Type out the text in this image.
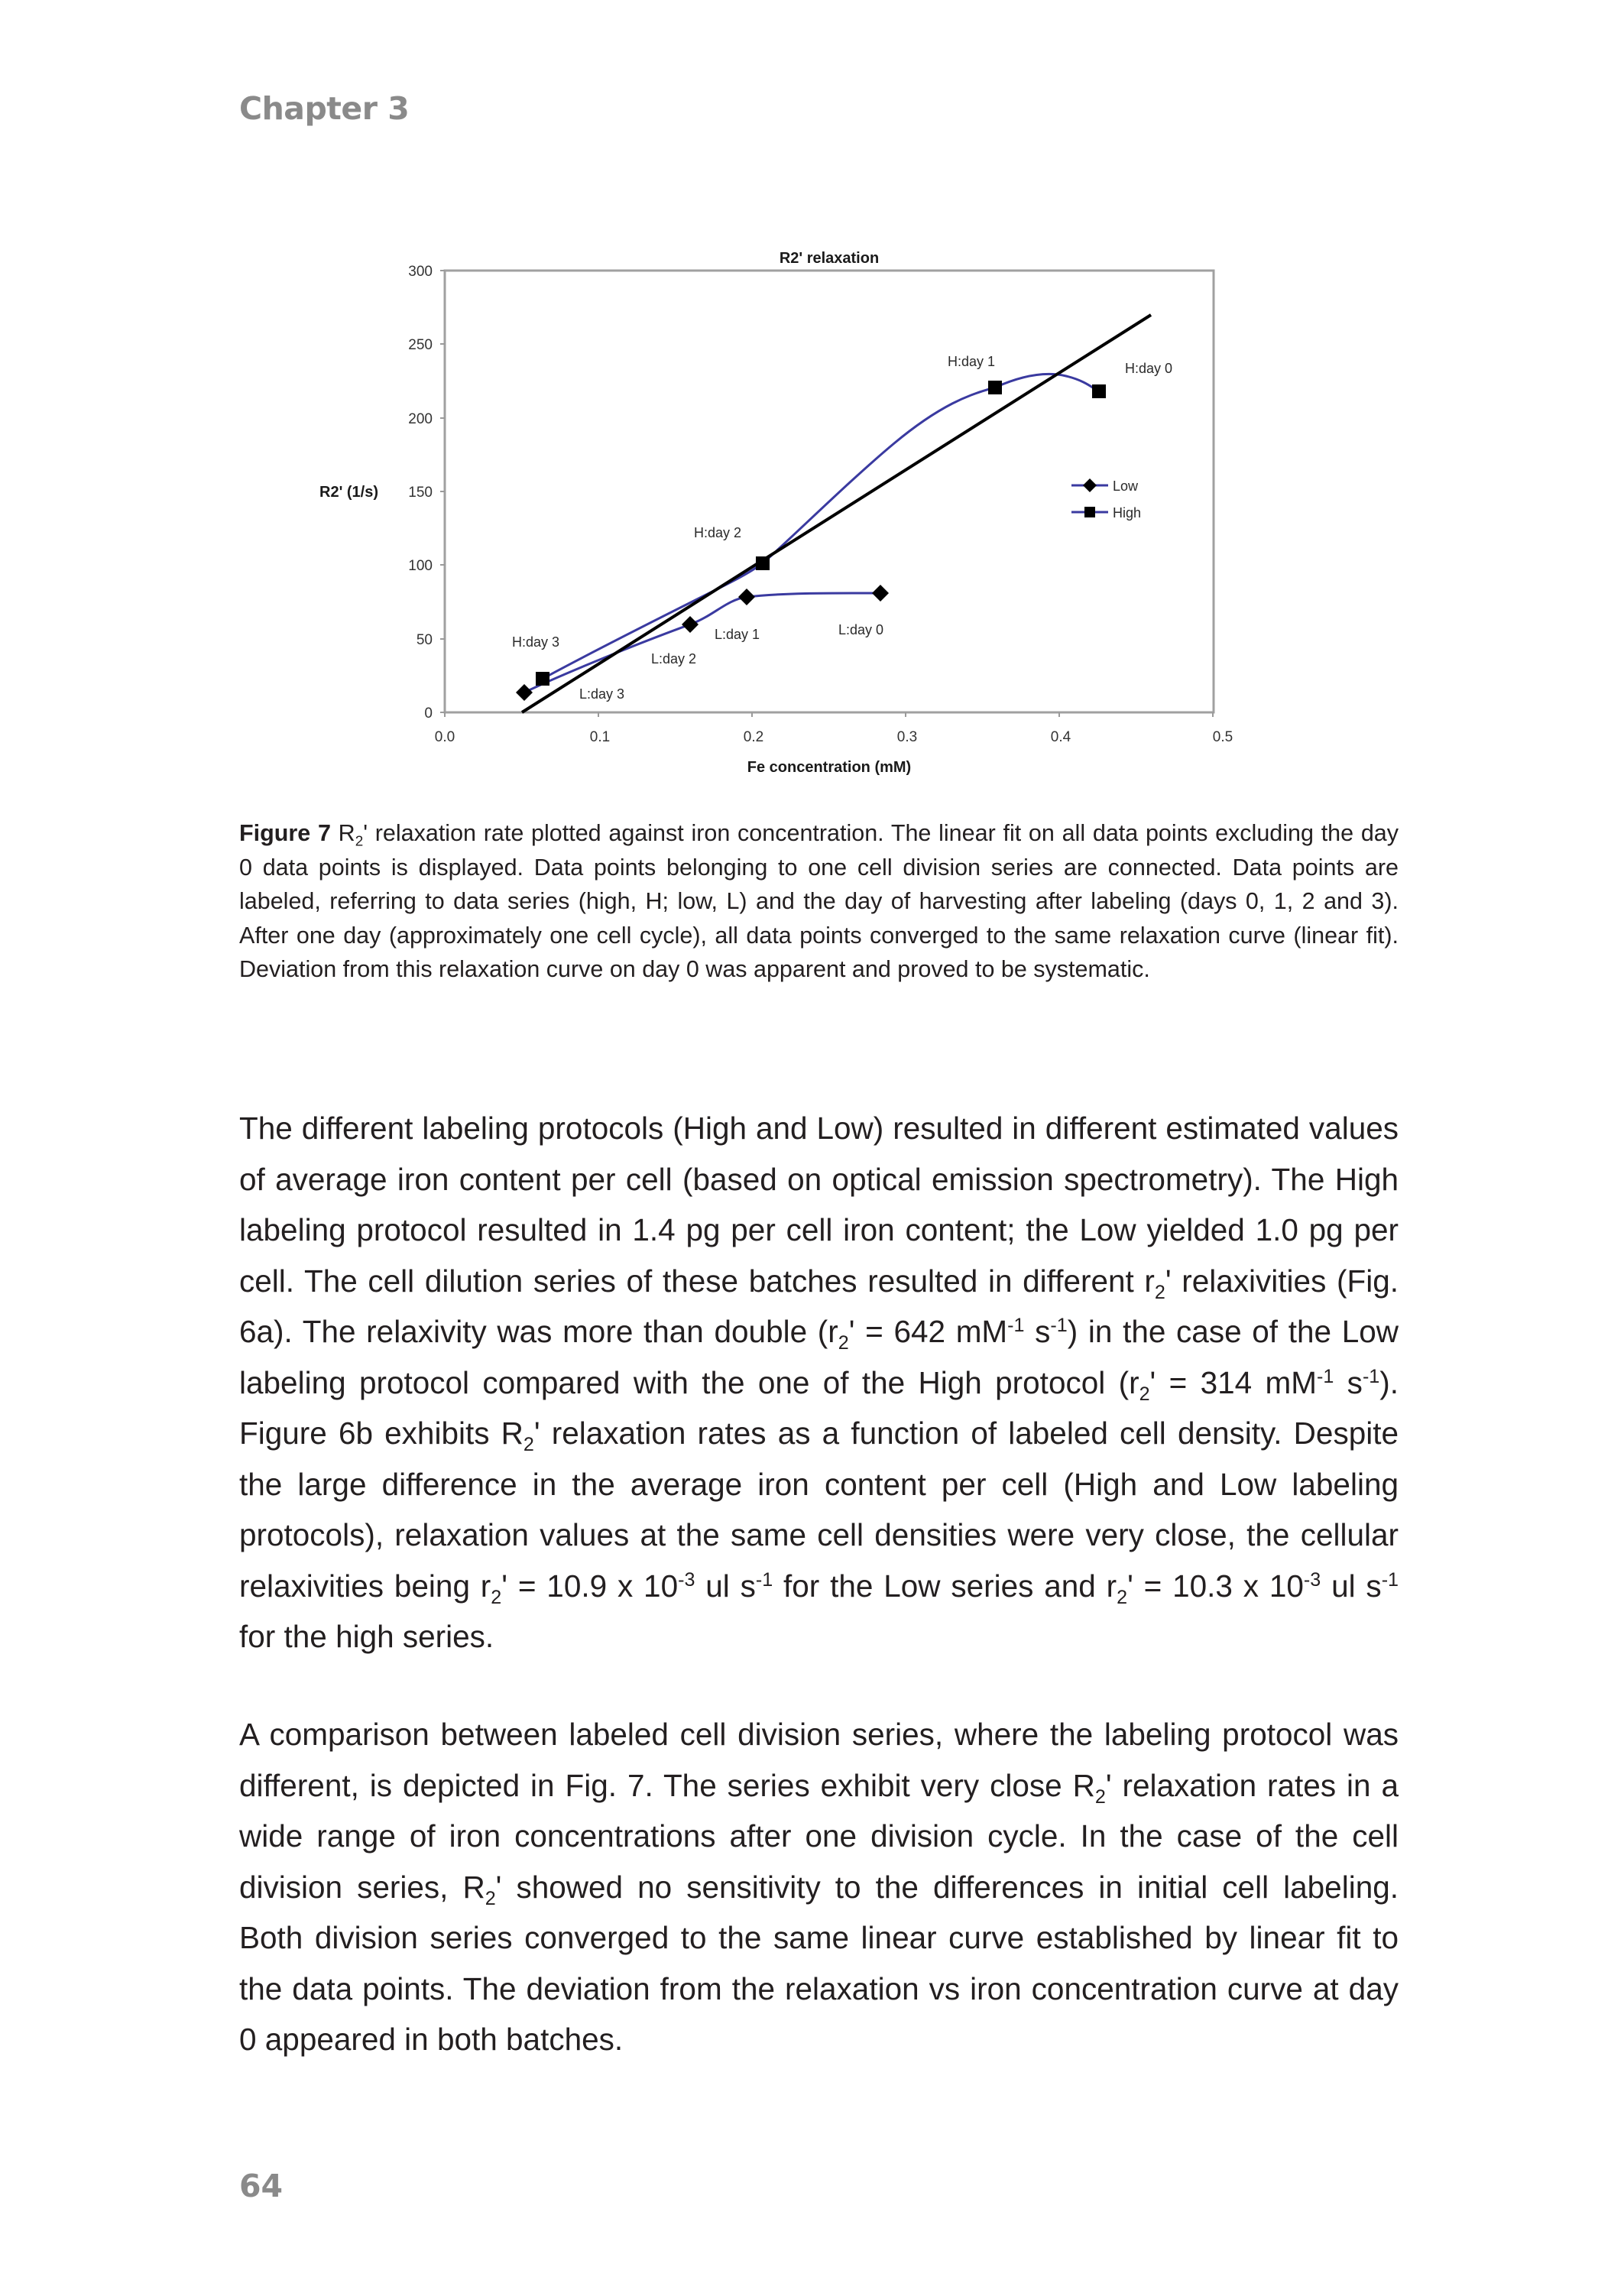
Chapter 3
R2' relaxation
300
250
200
150
100
50
0
R2' (1/s)
0.0	0.1	0.2	0.3	0.4	0.5
Fe concentration (mM)
H:day 3
L:day 3
L:day 2
L:day 1	L:day 0
H:day 2
H:day 1	H:day 0
Low
High
Figure 7 $R_2'$ relaxation rate plotted against iron concentration. The linear fit on all data points excluding the day 0 data points is displayed. Data points belonging to one cell division series are connected. Data points are labeled, referring to data series (high, H; low, L) and the day of harvesting after labeling (days 0, 1, 2 and 3). After one day (approximately one cell cycle), all data points converged to the same relaxation curve (linear fit). Deviation from this relaxation curve on day 0 was apparent and proved to be systematic.
The different labeling protocols (High and Low) resulted in different estimated values of average iron content per cell (based on optical emission spectrometry). The High labeling protocol resulted in 1.4 pg per cell iron content; the Low yielded 1.0 pg per cell. The cell dilution series of these batches resulted in different $r_2'$ relaxivities (Fig. 6a). The relaxivity was more than double ($r_2' = 642$ $mM^{-1}$ $s^{-1}$) in the case of the Low labeling protocol compared with the one of the High protocol ($r_2' = 314$ $mM^{-1}$ $s^{-1}$). Figure 6b exhibits $R_2'$ relaxation rates as a function of labeled cell density. Despite the large difference in the average iron content per cell (High and Low labeling protocols), relaxation values at the same cell densities were very close, the cellular relaxivities being $r_2' = 10.9$ x $10^{-3}$ ul $s^{-1}$ for the Low series and $r_2' = 10.3$ x $10^{-3}$ ul $s^{-1}$ for the high series.
A comparison between labeled cell division series, where the labeling protocol was different, is depicted in Fig. 7. The series exhibit very close $R_2'$ relaxation rates in a wide range of iron concentrations after one division cycle. In the case of the cell division series, $R_2'$ showed no sensitivity to the differences in initial cell labeling. Both division series converged to the same linear curve established by linear fit to the data points. The deviation from the relaxation vs iron concentration curve at day 0 appeared in both batches.
64
